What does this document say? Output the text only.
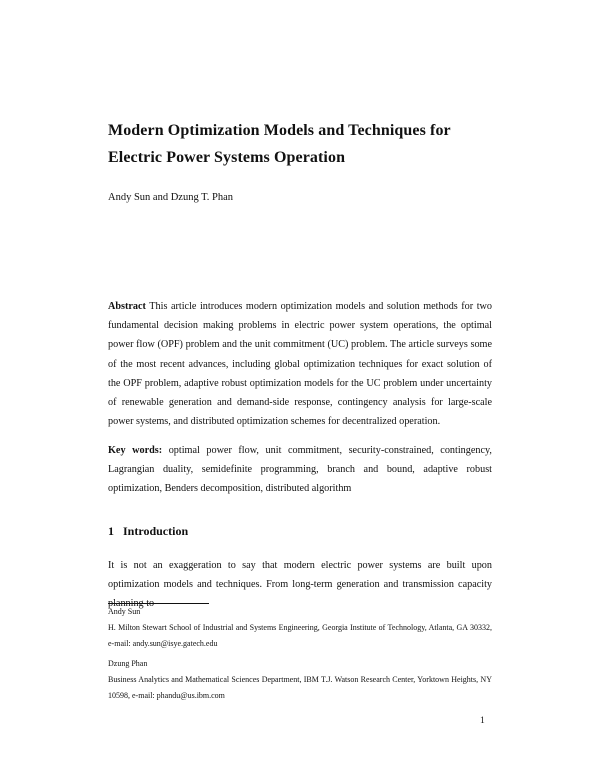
Modern Optimization Models and Techniques for
Electric Power Systems Operation
Andy Sun and Dzung T. Phan

Abstract This article introduces modern optimization models and solution methods for two fundamental decision making problems in electric power system operations, the optimal power flow (OPF) problem and the unit commitment (UC) problem. The article surveys some of the most recent advances, including global optimization techniques for exact solution of the OPF problem, adaptive robust optimization models for the UC problem under uncertainty of renewable generation and demand-side response, contingency analysis for large-scale power systems, and distributed optimization schemes for decentralized operation.

Key words: optimal power flow, unit commitment, security-constrained, contingency, Lagrangian duality, semidefinite programming, branch and bound, adaptive robust optimization, Benders decomposition, distributed algorithm

1 Introduction

It is not an exaggeration to say that modern electric power systems are built upon optimization models and techniques. From long-term generation and transmission capacity planning to

Andy Sun

H. Milton Stewart School of Industrial and Systems Engineering, Georgia Institute of Technology, Atlanta, GA 30332, e-mail: andy.sun@isye.gatech.edu

Dzung Phan

Business Analytics and Mathematical Sciences Department, IBM T.J. Watson Research Center, Yorktown Heights, NY 10598, e-mail: phandu@us.ibm.com

1
